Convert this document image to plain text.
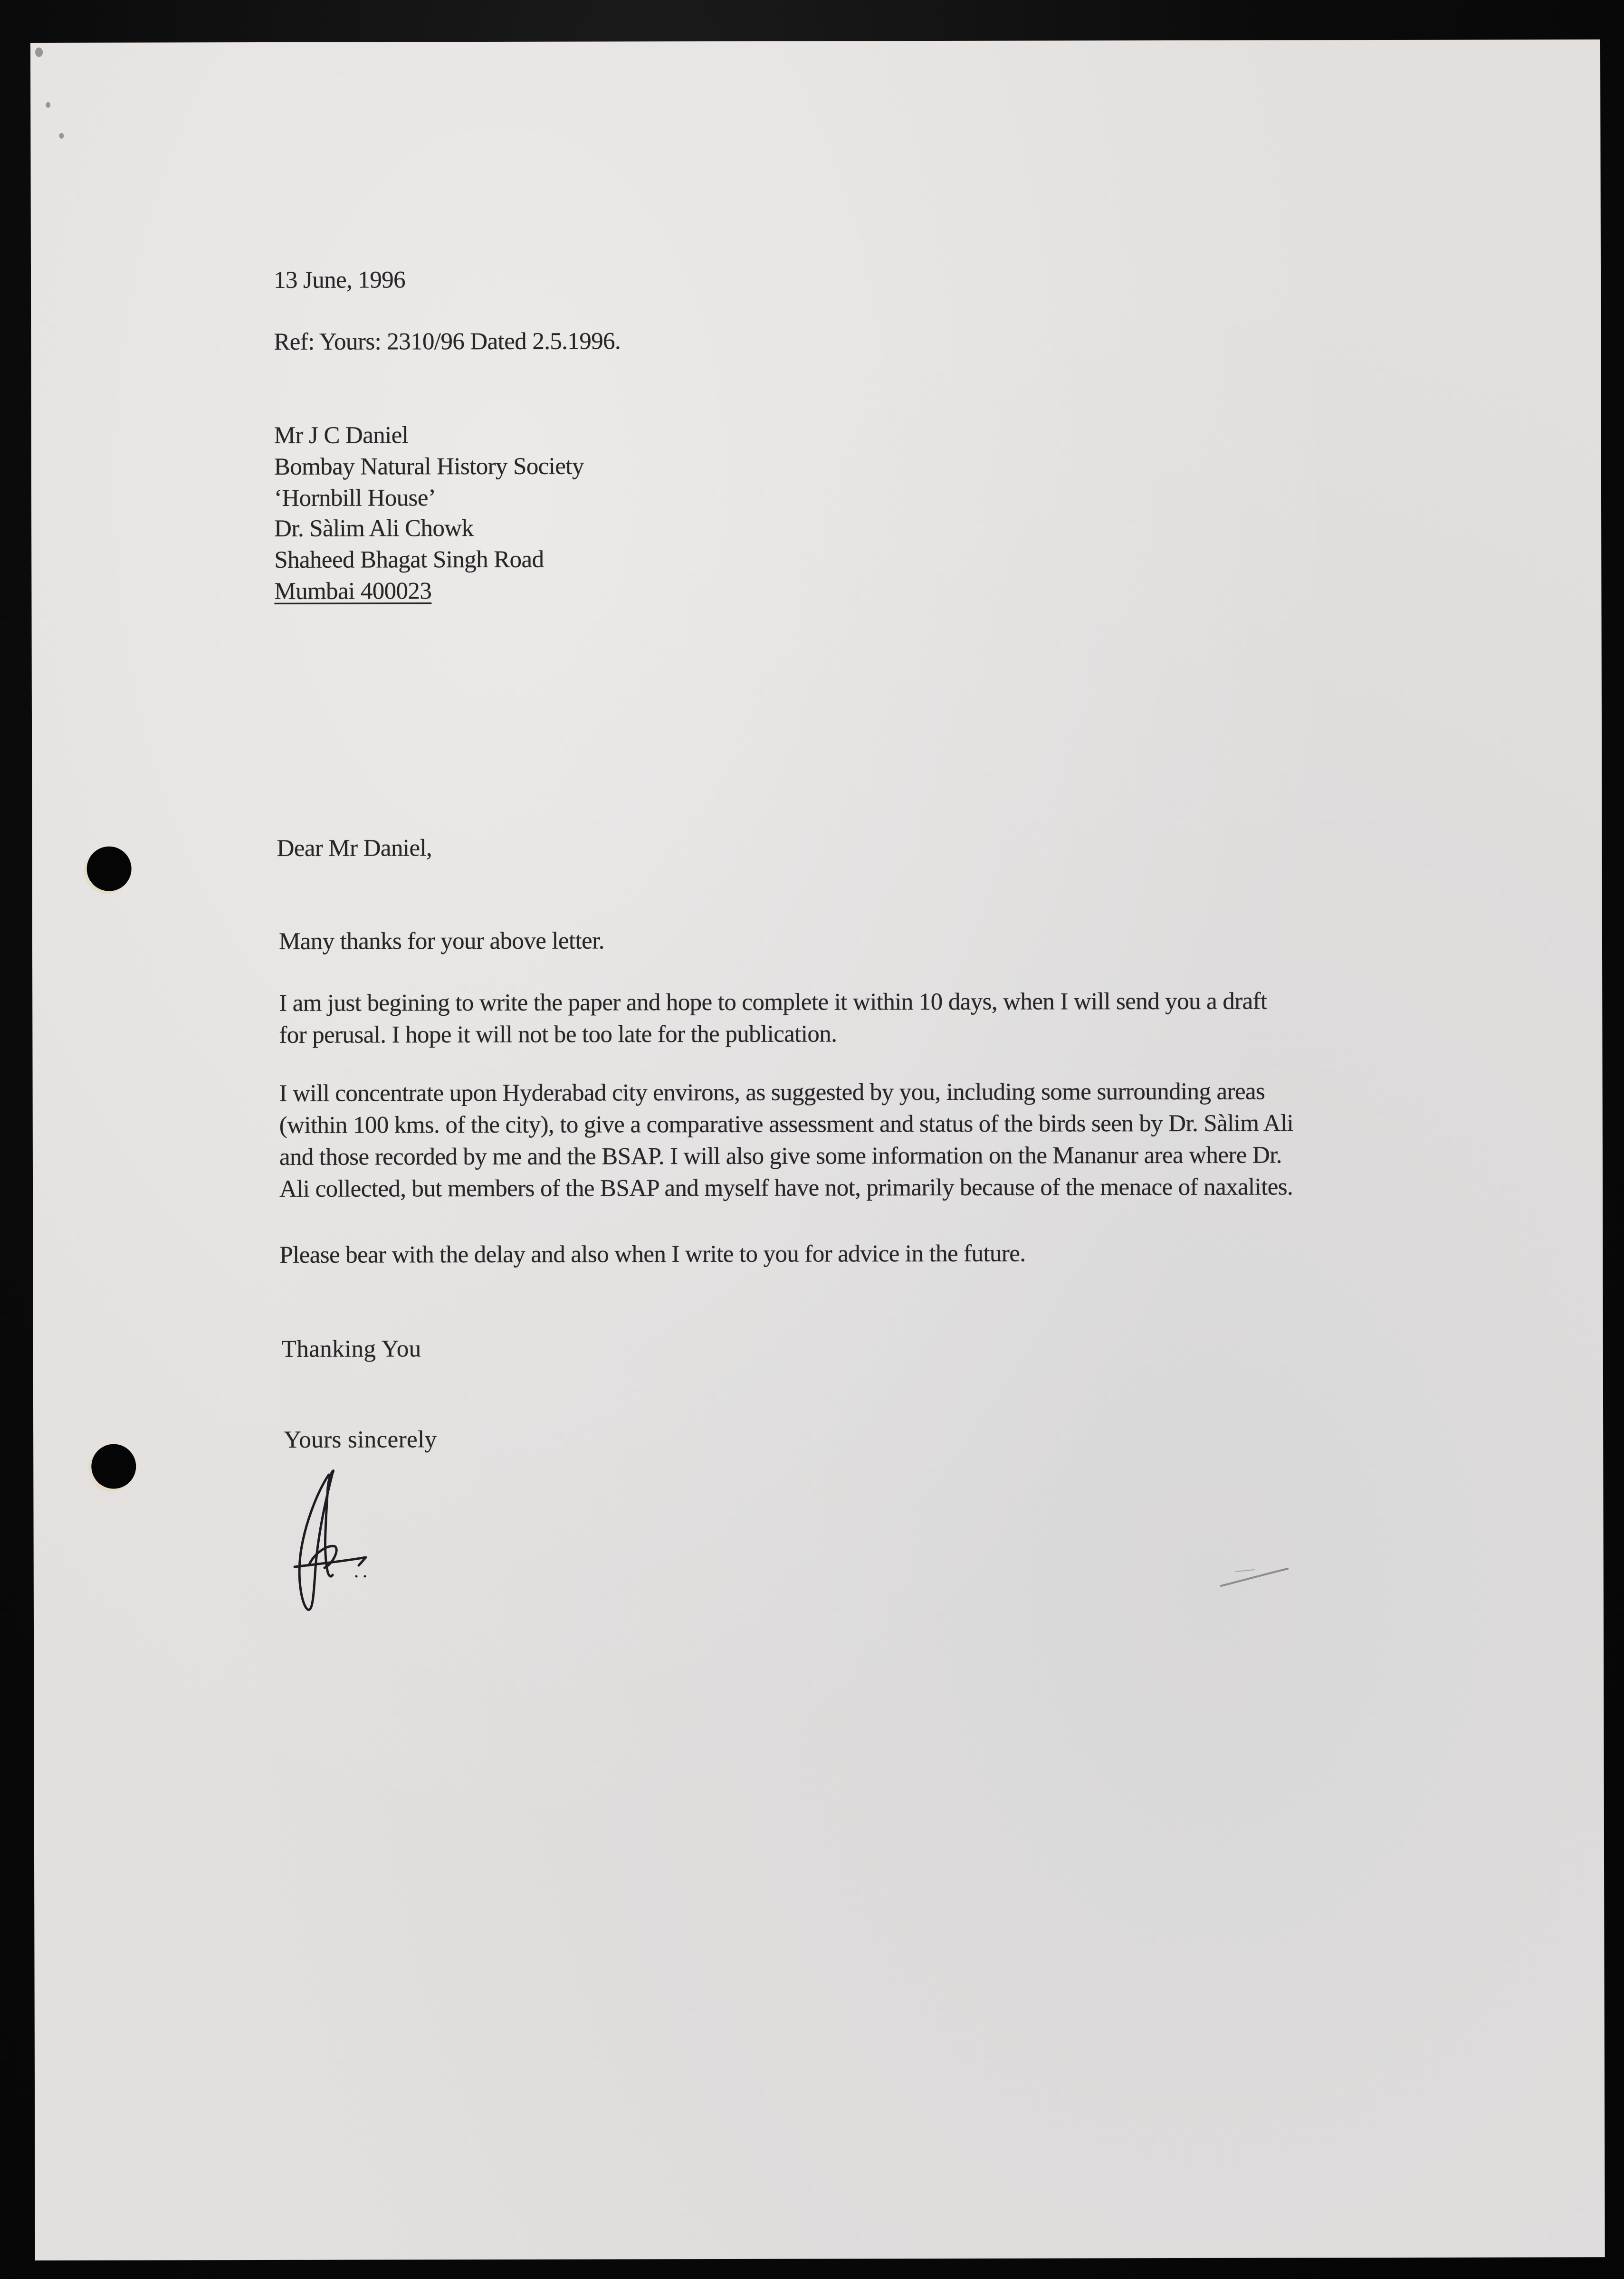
13 June, 1996
Ref: Yours: 2310/96 Dated 2.5.1996.
Mr J C Daniel
Bombay Natural History Society
‘Hornbill House’
Dr. Sàlim Ali Chowk
Shaheed Bhagat Singh Road
Mumbai 400023
Dear Mr Daniel,
Many thanks for your above letter.
I am just begining to write the paper and hope to complete it within 10 days, when I will send you a draft
for perusal. I hope it will not be too late for the publication.
I will concentrate upon Hyderabad city environs, as suggested by you, including some surrounding areas
(within 100 kms. of the city), to give a comparative assessment and status of the birds seen by Dr. Sàlim Ali
and those recorded by me and the BSAP. I will also give some information on the Mananur area where Dr.
Ali collected, but members of the BSAP and myself have not, primarily because of the menace of naxalites.
Please bear with the delay and also when I write to you for advice in the future.
Thanking You
Yours sincerely
